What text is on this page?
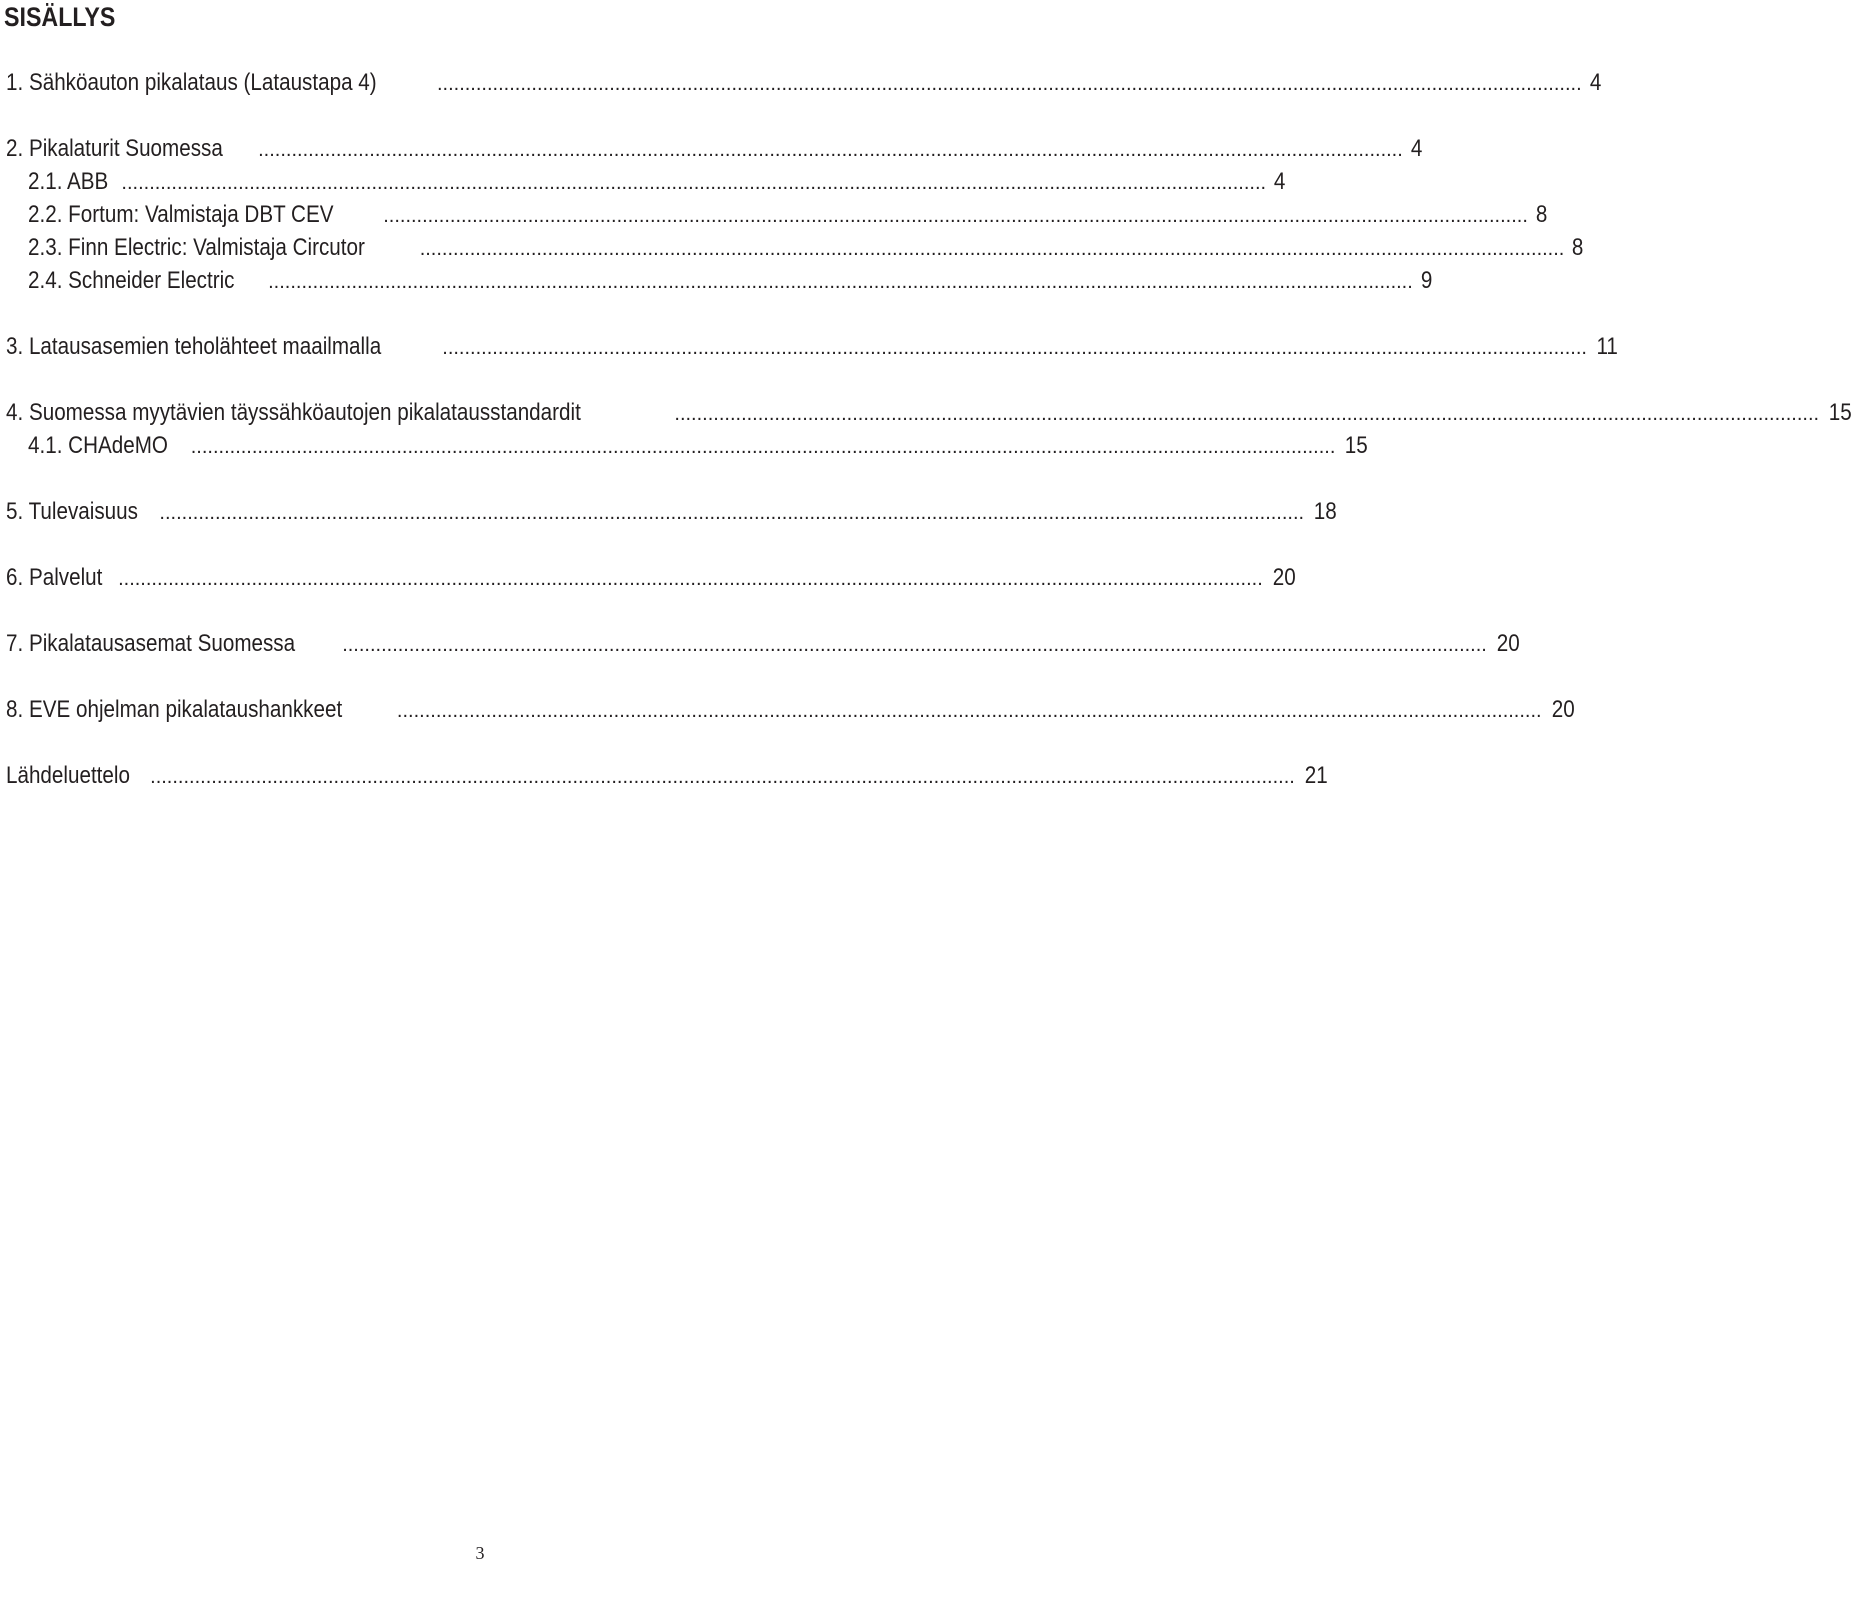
SISÄLLYS
1. Sähköauton pikalataus (Lataustapa 4)	.............................................................................................................................................................................................................. 4
2. Pikalaturit Suomessa .............................................................................................................................................................................................................. 4
2.1. ABB .............................................................................................................................................................................................................. 4
2.2. Fortum: Valmistaja DBT CEV .............................................................................................................................................................................................................. 8
2.3. Finn Electric: Valmistaja Circutor	.............................................................................................................................................................................................................. 8
2.4. Schneider Electric .............................................................................................................................................................................................................. 9
3. Latausasemien teholähteet maailmalla	.............................................................................................................................................................................................................. 11
4. Suomessa myytävien täyssähköautojen pikalatausstandardit	.............................................................................................................................................................................................................. 15
4.1. CHAdeMO .............................................................................................................................................................................................................. 15
5. Tulevaisuus .............................................................................................................................................................................................................. 18
6. Palvelut .............................................................................................................................................................................................................. 20
7. Pikalatausasemat Suomessa .............................................................................................................................................................................................................. 20
8. EVE ohjelman pikalataushankkeet	.............................................................................................................................................................................................................. 20
Lähdeluettelo .............................................................................................................................................................................................................. 21
3
